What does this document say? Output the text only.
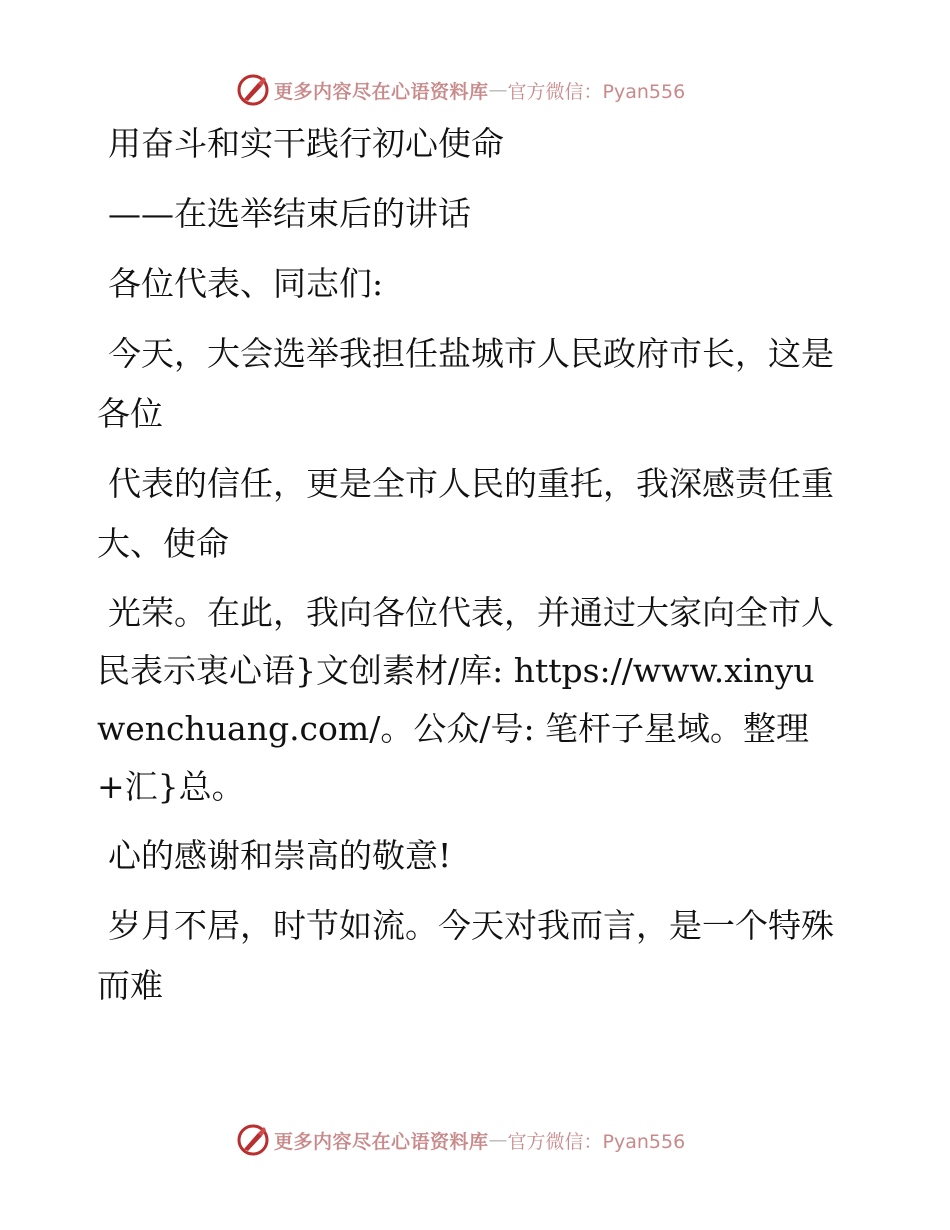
更多内容尽在心语资料库 — 官方微信：Pyan556

用奋斗和实干践行初心使命

——在选举结束后的讲话

各位代表、同志们:

今天，大会选举我担任盐城市人民政府市长，这是各位

代表的信任，更是全市人民的重托，我深感责任重大、使命

光荣。在此，我向各位代表，并通过大家向全市人民表示衷心语}文创素材/库: https://www.xinyuwenchuang.com/。公众/号: 笔杆子星域。整理+汇}总。

心的感谢和崇高的敬意!

岁月不居，时节如流。今天对我而言，是一个特殊而难

更多内容尽在心语资料库 — 官方微信：Pyan556
